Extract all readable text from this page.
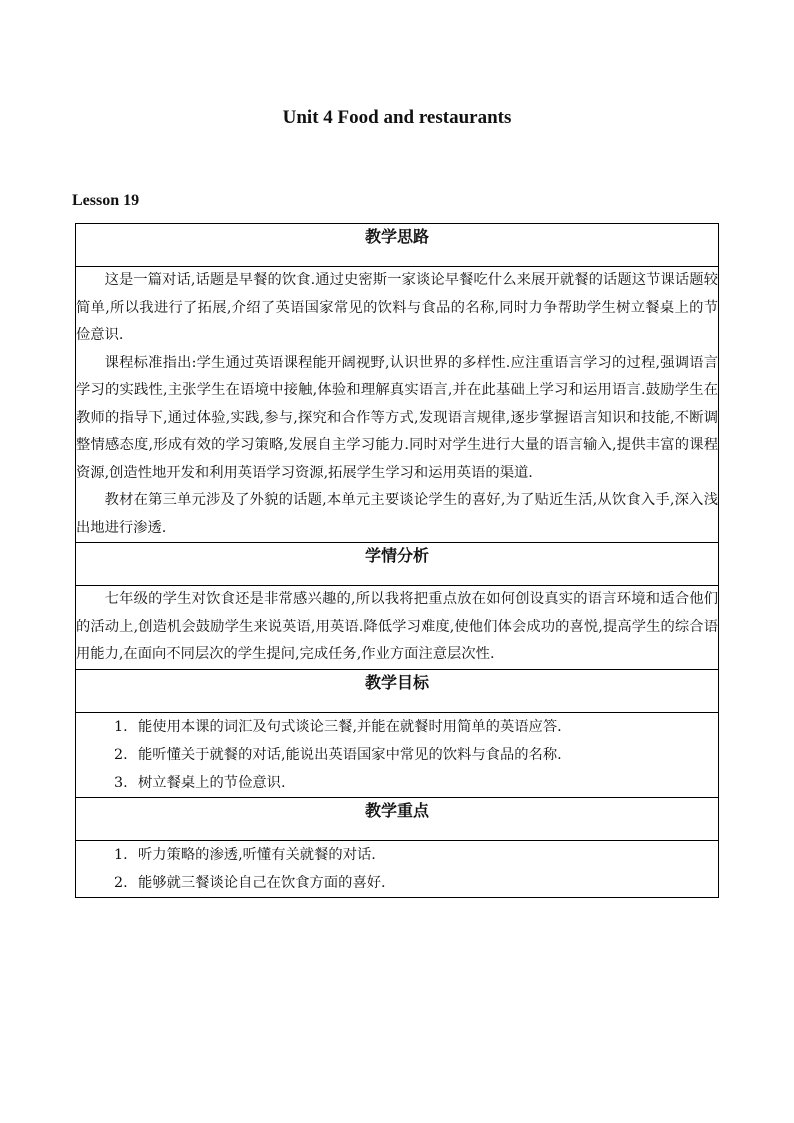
Unit 4 Food and restaurants
Lesson 19
教学思路

这是一篇对话,话题是早餐的饮食.通过史密斯一家谈论早餐吃什么来展开就餐的话题这节课话题较简单,所以我进行了拓展,介绍了英语国家常见的饮料与食品的名称,同时力争帮助学生树立餐桌上的节俭意识.

课程标准指出:学生通过英语课程能开阔视野,认识世界的多样性.应注重语言学习的过程,强调语言学习的实践性,主张学生在语境中接触,体验和理解真实语言,并在此基础上学习和运用语言.鼓励学生在教师的指导下,通过体验,实践,参与,探究和合作等方式,发现语言规律,逐步掌握语言知识和技能,不断调整情感态度,形成有效的学习策略,发展自主学习能力.同时对学生进行大量的语言输入,提供丰富的课程资源,创造性地开发和利用英语学习资源,拓展学生学习和运用英语的渠道.

教材在第三单元涉及了外貌的话题,本单元主要谈论学生的喜好,为了贴近生活,从饮食入手,深入浅出地进行渗透.

学情分析

七年级的学生对饮食还是非常感兴趣的,所以我将把重点放在如何创设真实的语言环境和适合他们的活动上,创造机会鼓励学生来说英语,用英语.降低学习难度,使他们体会成功的喜悦,提高学生的综合语用能力,在面向不同层次的学生提问,完成任务,作业方面注意层次性.

教学目标

1. 能使用本课的词汇及句式谈论三餐,并能在就餐时用简单的英语应答.
2. 能听懂关于就餐的对话,能说出英语国家中常见的饮料与食品的名称.
3. 树立餐桌上的节俭意识.

教学重点

1. 听力策略的渗透,听懂有关就餐的对话.
2. 能够就三餐谈论自己在饮食方面的喜好.
